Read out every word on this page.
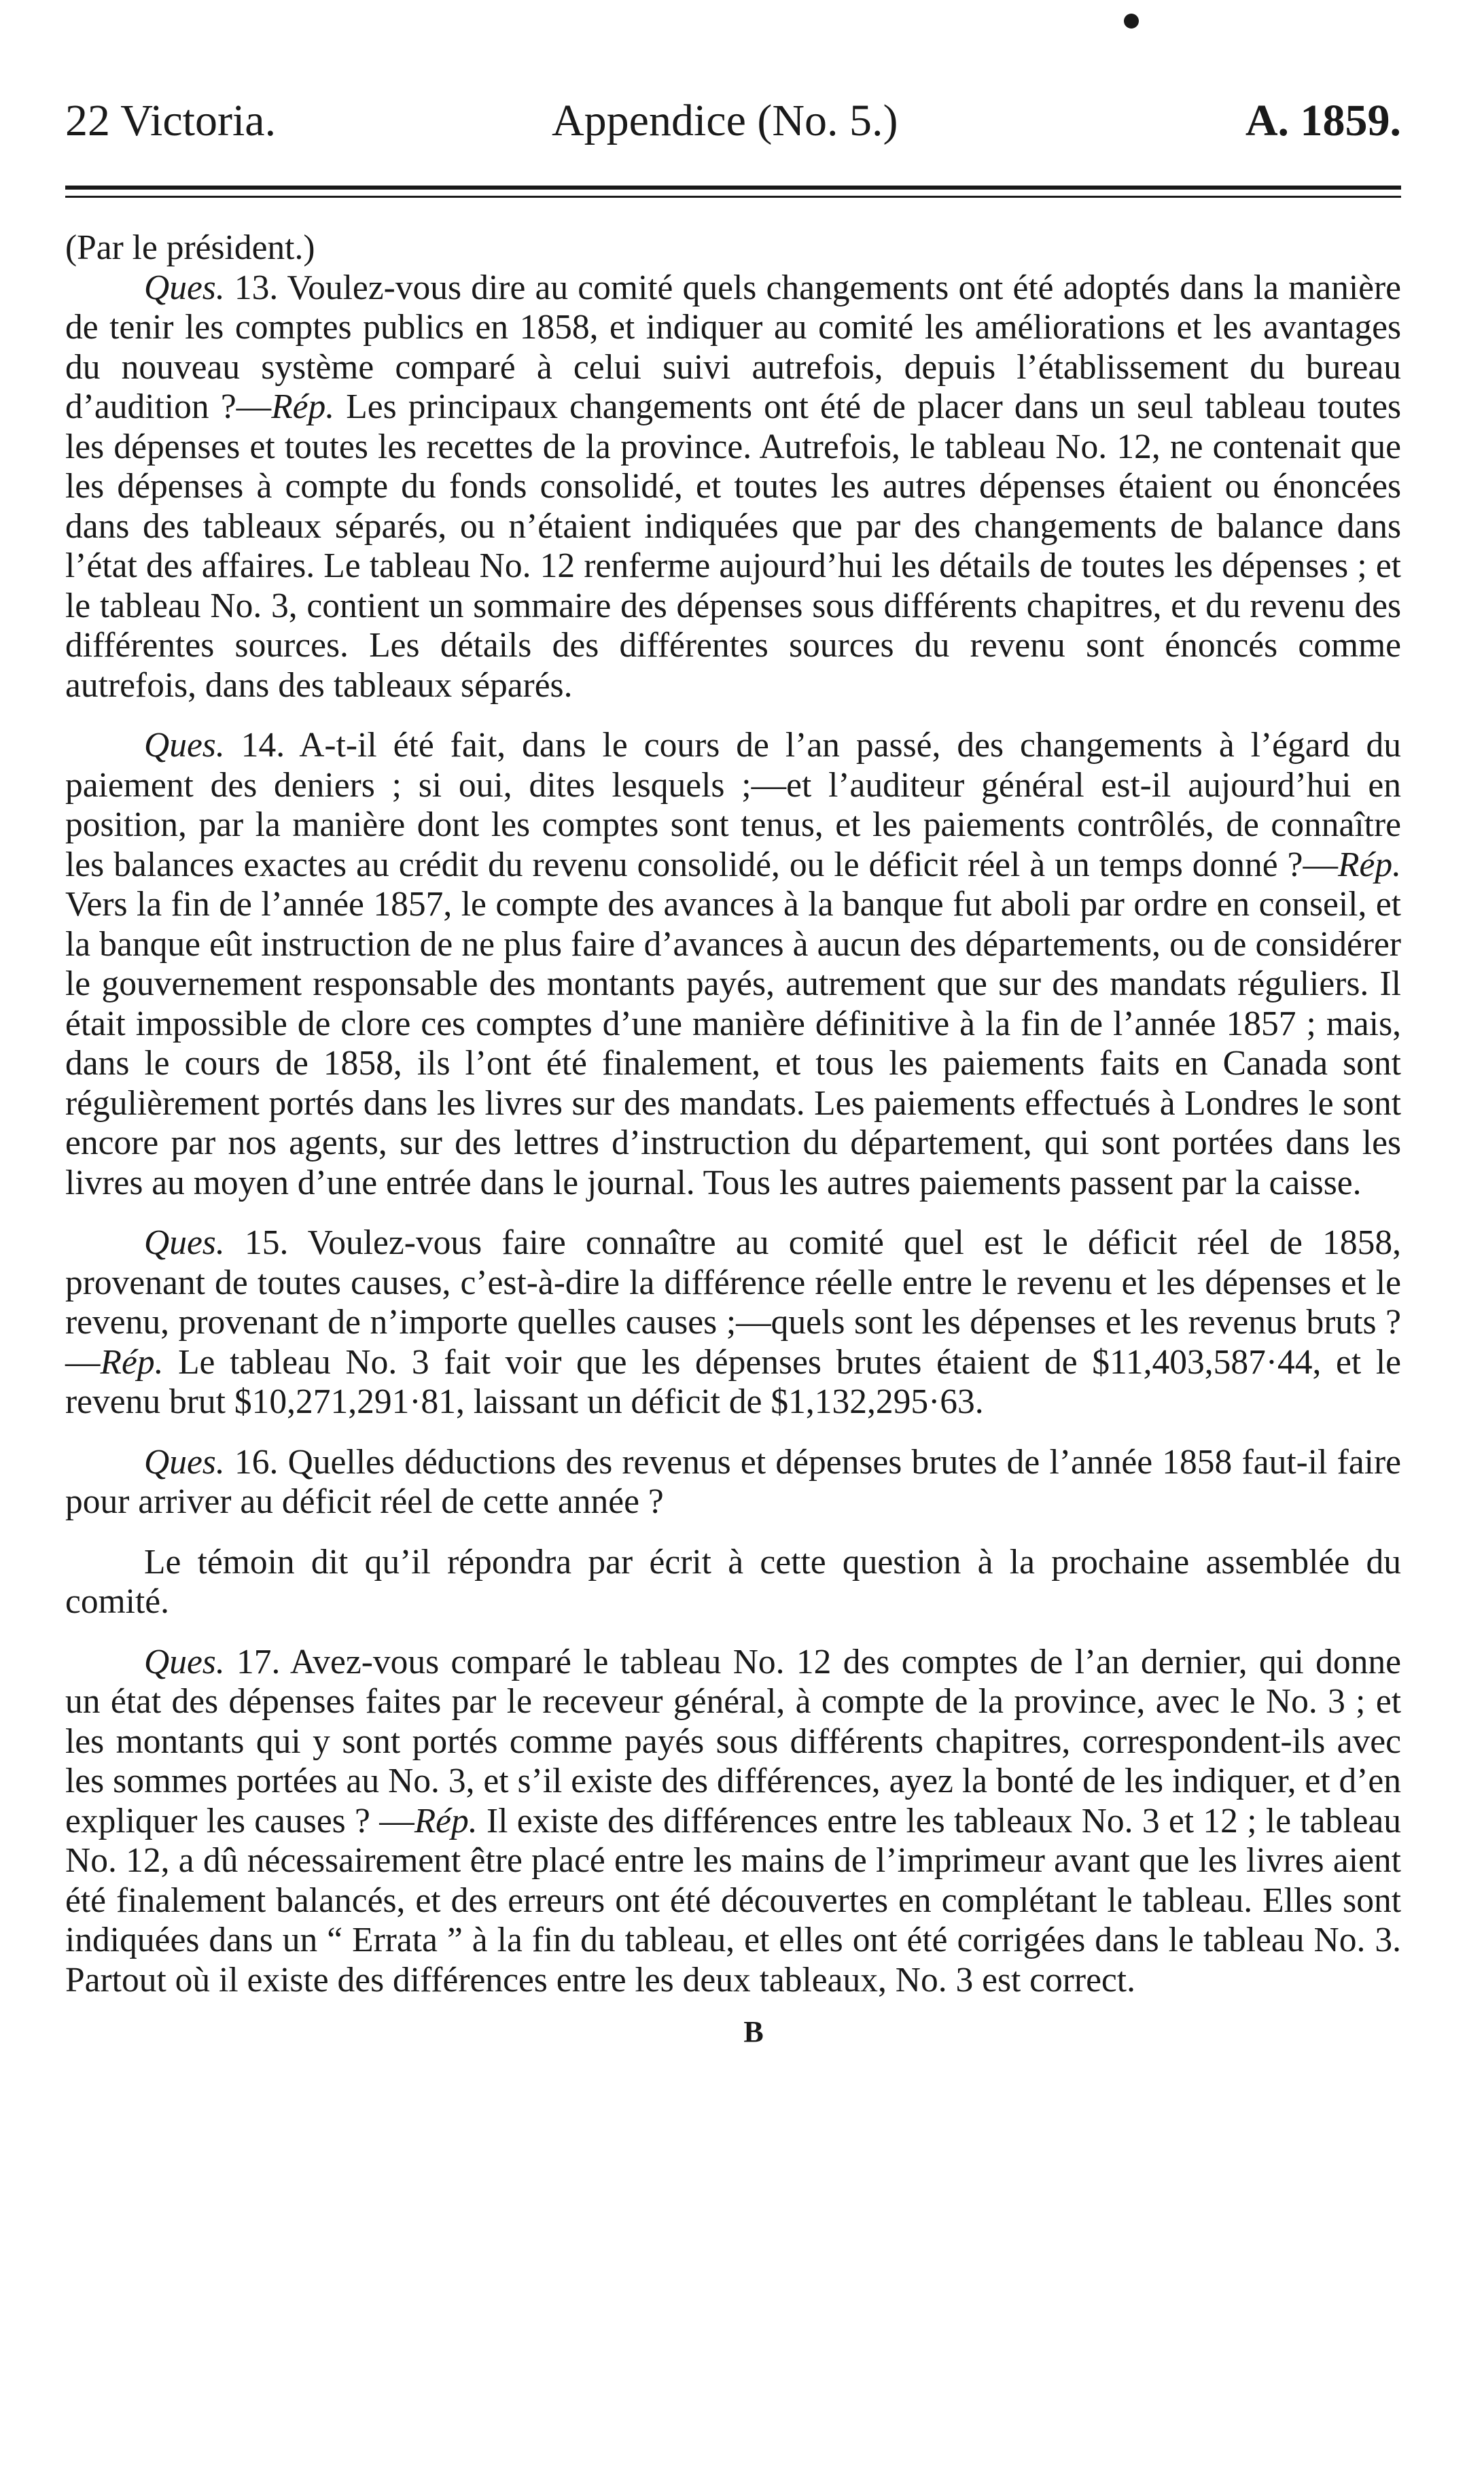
22 Victoria.	Appendice (No. 5.)	A. 1859.

(Par le président.)

Ques. 13. Voulez-vous dire au comité quels changements ont été adoptés dans la manière de tenir les comptes publics en 1858, et indiquer au comité les améliorations et les avantages du nouveau système comparé à celui suivi autrefois, depuis l’établissement du bureau d’audition ?—Rép. Les principaux changements ont été de placer dans un seul tableau toutes les dépenses et toutes les recettes de la province. Autrefois, le tableau No. 12, ne contenait que les dépenses à compte du fonds consolidé, et toutes les autres dépenses étaient ou énoncées dans des tableaux séparés, ou n’étaient indiquées que par des changements de balance dans l’état des affaires. Le tableau No. 12 renferme aujourd’hui les détails de toutes les dépenses ; et le tableau No. 3, contient un sommaire des dépenses sous différents chapitres, et du revenu des différentes sources. Les détails des différentes sources du revenu sont énoncés comme autrefois, dans des tableaux séparés.

Ques. 14. A-t-il été fait, dans le cours de l’an passé, des changements à l’égard du paiement des deniers ; si oui, dites lesquels ;—et l’auditeur général est-il aujourd’hui en position, par la manière dont les comptes sont tenus, et les paiements contrôlés, de connaître les balances exactes au crédit du revenu consolidé, ou le déficit réel à un temps donné ?—Rép. Vers la fin de l’année 1857, le compte des avances à la banque fut aboli par ordre en conseil, et la banque eût instruction de ne plus faire d’avances à aucun des départements, ou de considérer le gouvernement responsable des montants payés, autrement que sur des mandats réguliers. Il était impossible de clore ces comptes d’une manière définitive à la fin de l’année 1857 ; mais, dans le cours de 1858, ils l’ont été finalement, et tous les paiements faits en Canada sont régulièrement portés dans les livres sur des mandats. Les paiements effectués à Londres le sont encore par nos agents, sur des lettres d’instruction du département, qui sont portées dans les livres au moyen d’une entrée dans le journal. Tous les autres paiements passent par la caisse.

Ques. 15. Voulez-vous faire connaître au comité quel est le déficit réel de 1858, provenant de toutes causes, c’est-à-dire la différence réelle entre le revenu et les dépenses et le revenu, provenant de n’importe quelles causes ;—quels sont les dépenses et les revenus bruts ?—Rép. Le tableau No. 3 fait voir que les dépenses brutes étaient de $11,403,587·44, et le revenu brut $10,271,291·81, laissant un déficit de $1,132,295·63.

Ques. 16. Quelles déductions des revenus et dépenses brutes de l’année 1858 faut-il faire pour arriver au déficit réel de cette année ?

Le témoin dit qu’il répondra par écrit à cette question à la prochaine assemblée du comité.

Ques. 17. Avez-vous comparé le tableau No. 12 des comptes de l’an dernier, qui donne un état des dépenses faites par le receveur général, à compte de la province, avec le No. 3 ; et les montants qui y sont portés comme payés sous différents chapitres, correspondent-ils avec les sommes portées au No. 3, et s’il existe des différences, ayez la bonté de les indiquer, et d’en expliquer les causes ? —Rép. Il existe des différences entre les tableaux No. 3 et 12 ; le tableau No. 12, a dû nécessairement être placé entre les mains de l’imprimeur avant que les livres aient été finalement balancés, et des erreurs ont été découvertes en complétant le tableau. Elles sont indiquées dans un “ Errata ” à la fin du tableau, et elles ont été corrigées dans le tableau No. 3. Partout où il existe des différences entre les deux tableaux, No. 3 est correct.

B
